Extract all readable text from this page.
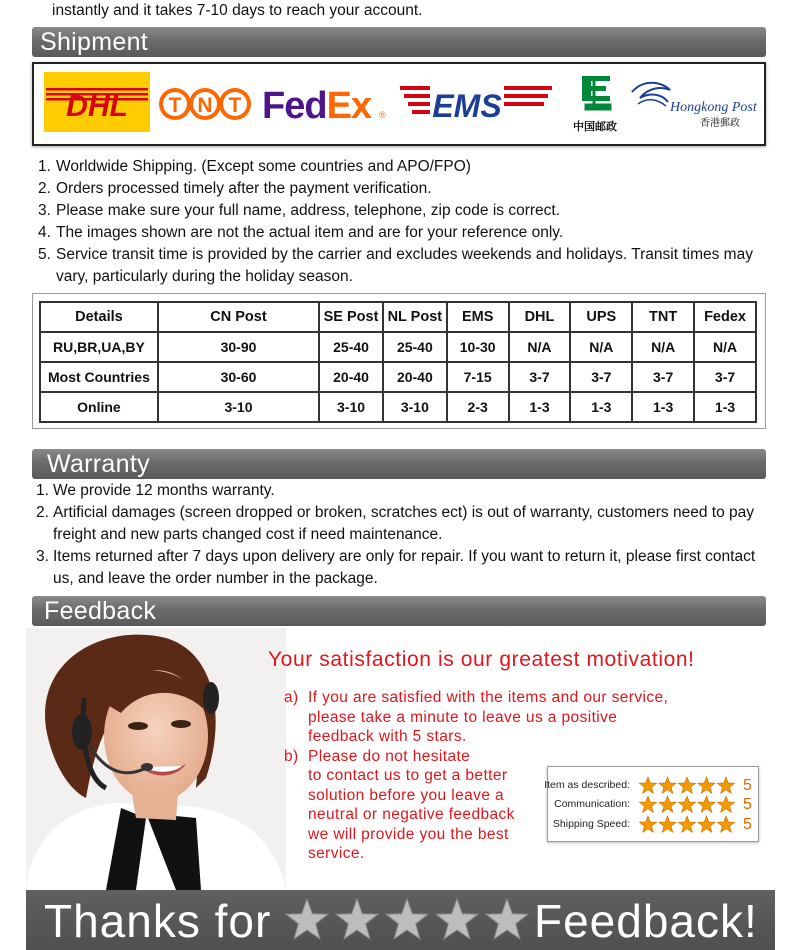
instantly and it takes 7-10 days to reach your account.
Shipment
DHL T N T FedEx ® EMS
中国邮政
Hongkong Post
香港郵政
1. Worldwide Shipping. (Except some countries and APO/FPO)
2. Orders processed timely after the payment verification.
3. Please make sure your full name, address, telephone, zip code is correct.
4. The images shown are not the actual item and are for your reference only.
5. Service transit time is provided by the carrier and excludes weekends and holidays. Transit times may vary, particularly during the holiday season.
Details	CN Post	SE Post	NL Post	EMS	DHL	UPS	TNT	Fedex
RU,BR,UA,BY	30-90	25-40	25-40	10-30	N/A	N/A	N/A	N/A
Most Countries	30-60	20-40	20-40	7-15	3-7	3-7	3-7	3-7
Online	3-10	3-10	3-10	2-3	1-3	1-3	1-3	1-3
Warranty
1. We provide 12 months warranty.
2. Artificial damages (screen dropped or broken, scratches ect) is out of warranty, customers need to pay freight and new parts changed cost if need maintenance.
3. Items returned after 7 days upon delivery are only for repair. If you want to return it, please first contact us, and leave the order number in the package.
Feedback
Your satisfaction is our greatest motivation!
a) If you are satisfied with the items and our service,
please take a minute to leave us a positive
feedback with 5 stars.
b) Please do not hesitate
to contact us to get a better
solution before you leave a
neutral or negative feedback
we will provide you the best
service.
Item as described:	5
Communication:	5
Shipping Speed:	5
Thanks for	Feedback!
